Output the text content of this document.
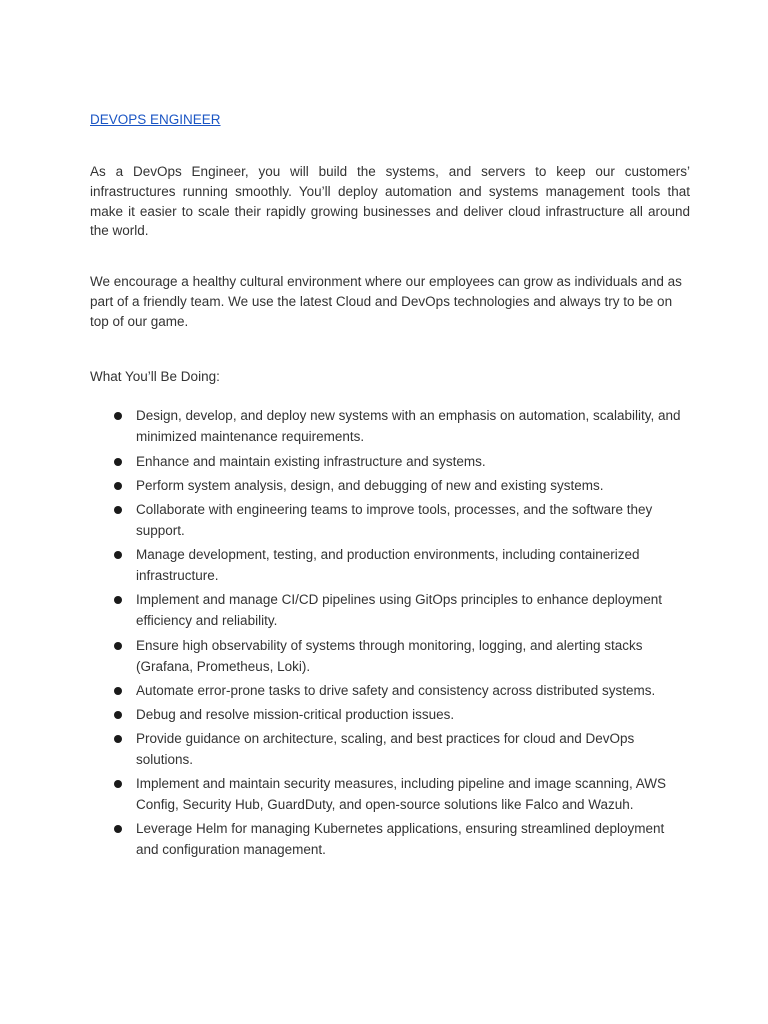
DEVOPS ENGINEER

As a DevOps Engineer, you will build the systems, and servers to keep our customers’ infrastructures running smoothly. You’ll deploy automation and systems management tools that make it easier to scale their rapidly growing businesses and deliver cloud infrastructure all around the world.

We encourage a healthy cultural environment where our employees can grow as individuals and as part of a friendly team. We use the latest Cloud and DevOps technologies and always try to be on top of our game.

What You’ll Be Doing:

Design, develop, and deploy new systems with an emphasis on automation, scalability, and minimized maintenance requirements.
Enhance and maintain existing infrastructure and systems.
Perform system analysis, design, and debugging of new and existing systems.
Collaborate with engineering teams to improve tools, processes, and the software they support.
Manage development, testing, and production environments, including containerized infrastructure.
Implement and manage CI/CD pipelines using GitOps principles to enhance deployment efficiency and reliability.
Ensure high observability of systems through monitoring, logging, and alerting stacks (Grafana, Prometheus, Loki).
Automate error-prone tasks to drive safety and consistency across distributed systems.
Debug and resolve mission-critical production issues.
Provide guidance on architecture, scaling, and best practices for cloud and DevOps solutions.
Implement and maintain security measures, including pipeline and image scanning, AWS Config, Security Hub, GuardDuty, and open-source solutions like Falco and Wazuh.
Leverage Helm for managing Kubernetes applications, ensuring streamlined deployment and configuration management.
